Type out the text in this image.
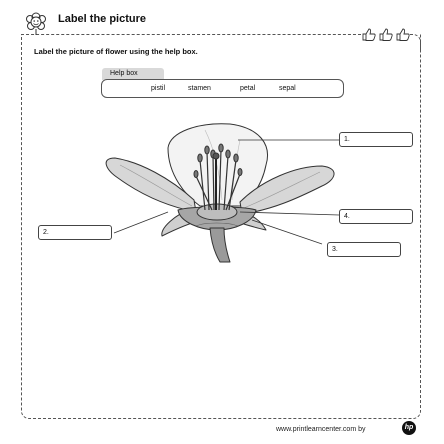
Label the picture
Label the picture of flower using the help box.
Help box
pistil	stamen	petal	sepal
1.
2.
3.
4.
www.printlearncenter.com by	hp
